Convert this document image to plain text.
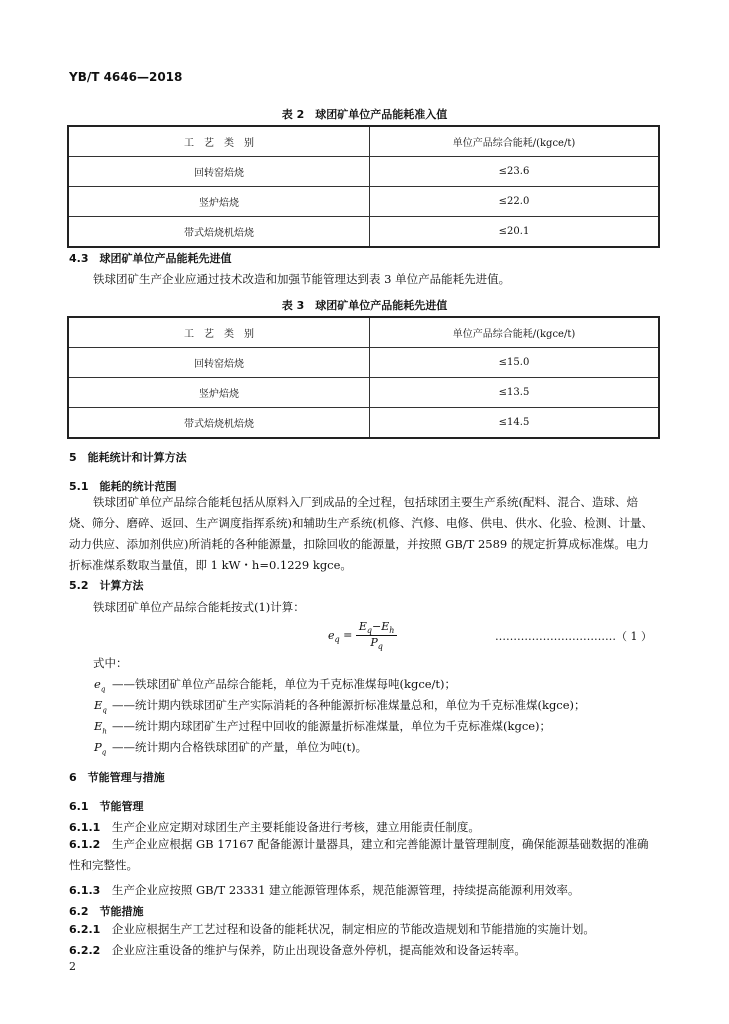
YB/T 4646—2018
表 2　球团矿单位产品能耗准入值
工　艺　类　别	单位产品综合能耗/(kgce/t)
回转窑焙烧	≤23.6
竖炉焙烧	≤22.0
带式焙烧机焙烧	≤20.1
4.3　球团矿单位产品能耗先进值
铁球团矿生产企业应通过技术改造和加强节能管理达到表 3 单位产品能耗先进值。
表 3　球团矿单位产品能耗先进值
工　艺　类　别	单位产品综合能耗/(kgce/t)
回转窑焙烧	≤15.0
竖炉焙烧	≤13.5
带式焙烧机焙烧	≤14.5
5　能耗统计和计算方法
5.1　能耗的统计范围
铁球团矿单位产品综合能耗包括从原料入厂到成品的全过程，包括球团主要生产系统(配料、混合、造球、焙烧、筛分、磨碎、返回、生产调度指挥系统)和辅助生产系统(机修、汽修、电修、供电、供水、化验、检测、计量、动力供应、添加剂供应)所消耗的各种能源量，扣除回收的能源量，并按照 GB/T 2589 的规定折算成标准煤。电力折标准煤系数取当量值，即 1 kW・h=0.1229 kgce。
5.2　计算方法
铁球团矿单位产品综合能耗按式(1)计算：
$e_q = \frac{E_q-E_h}{P_q}$	……………………………（ 1 ）
式中：
$e_q$ ——铁球团矿单位产品综合能耗，单位为千克标准煤每吨(kgce/t)；
$E_q$ ——统计期内铁球团矿生产实际消耗的各种能源折标准煤量总和，单位为千克标准煤(kgce)；
$E_h$ ——统计期内球团矿生产过程中回收的能源量折标准煤量，单位为千克标准煤(kgce)；
$P_q$ ——统计期内合格铁球团矿的产量，单位为吨(t)。
6　节能管理与措施
6.1　节能管理
6.1.1　 生产企业应定期对球团生产主要耗能设备进行考核，建立用能责任制度。
6.1.2　 生产企业应根据 GB 17167 配备能源计量器具，建立和完善能源计量管理制度，确保能源基础数据的准确性和完整性。
6.1.3　 生产企业应按照 GB/T 23331 建立能源管理体系，规范能源管理，持续提高能源利用效率。
6.2　节能措施
6.2.1　 企业应根据生产工艺过程和设备的能耗状况，制定相应的节能改造规划和节能措施的实施计划。
6.2.2　 企业应注重设备的维护与保养，防止出现设备意外停机，提高能效和设备运转率。
2
